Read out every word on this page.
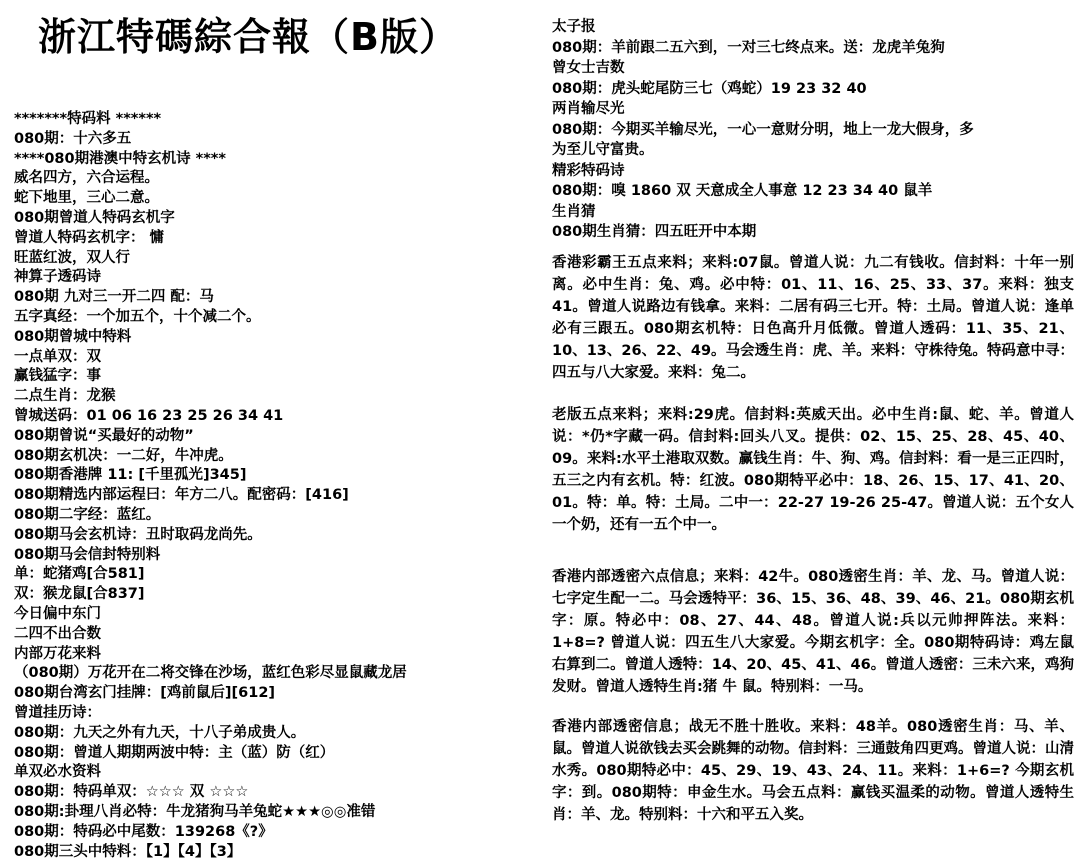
浙江特碼綜合報（B版）
*******特码料 ******
080期：十六多五
****080期港澳中特玄机诗 ****
威名四方，六合运程。
蛇下地里，三心二意。
080期曾道人特码玄机字
曾道人特码玄机字： 慵
旺蓝红波，双人行
神算子透码诗
080期 九对三一开二四 配：马
五字真经：一个加五个，十个减二个。
080期曾城中特料
一点单双：双
赢钱猛字：事
二点生肖：龙猴
曾城送码：01 06 16 23 25 26 34 41
080期曾说“买最好的动物”
080期玄机决：一二好，牛冲虎。
080期香港牌 11: [千里孤光]345]
080期精选内部运程曰：年方二八。配密码：[416]
080期二字经：蓝红。
080期马会玄机诗：丑时取码龙尚先。
080期马会信封特别料
单：蛇猪鸡[合581]
双：猴龙鼠[合837]
今日偏中东门
二四不出合数
内部万花来料
（080期）万花开在二将交锋在沙场，蓝红色彩尽显鼠藏龙居
080期台湾玄门挂牌：[鸡前鼠后][612]
曾道挂历诗：
080期：九天之外有九天，十八子弟成贵人。
080期：曾道人期期两波中特：主（蓝）防（红）
单双必水资料
080期：特码单双：☆☆☆ 双 ☆☆☆
080期:卦理八肖必特：牛龙猪狗马羊兔蛇★★★◎◎准错
080期：特码必中尾数：139268《?》
080期三头中特料：【1】【4】【3】
太子报
080期：羊前跟二五六到，一对三七终点来。送：龙虎羊兔狗
曾女士吉数
080期：虎头蛇尾防三七（鸡蛇）19 23 32 40
两肖输尽光
080期：今期买羊输尽光，一心一意财分明，地上一龙大假身，多
为至儿守富贵。
精彩特码诗
080期：嗅 1860 双 天意成全人事意 12 23 34 40 鼠羊
生肖猜
080期生肖猜：四五旺开中本期
香港彩霸王五点来料；来料:07鼠。曾道人说：九二有钱收。信封料：十年一别离。必中生肖：兔、鸡。必中特：01、11、16、25、33、37。来料：独支41。曾道人说路边有钱拿。来料：二居有码三七开。特：土局。曾道人说：逢单必有三跟五。080期玄机特：日色高升月低微。曾道人透码：11、35、21、10、13、26、22、49。马会透生肖：虎、羊。来料：守株待兔。特码意中寻：四五与八大家爱。来料：兔二。
老版五点来料；来料:29虎。信封料:英威天出。必中生肖:鼠、蛇、羊。曾道人说：*仍*字藏一码。信封料:回头八叉。提供：02、15、25、28、45、40、09。来料:水平土港取双数。赢钱生肖：牛、狗、鸡。信封料：看一是三正四时，五三之内有玄机。特：红波。080期特平必中：18、26、15、17、41、20、01。特：单。特：土局。二中一：22-27 19-26 25-47。曾道人说：五个女人一个奶，还有一五个中一。
香港内部透密六点信息；来料：42牛。080透密生肖：羊、龙、马。曾道人说：七字定生配一二。马会透特平：36、15、36、48、39、46、21。080期玄机字：原。特必中：08、27、44、48。曾道人说:兵以元帅押阵法。来料：1+8=? 曾道人说：四五生八大家爱。今期玄机字：全。080期特码诗：鸡左鼠右算到二。曾道人透特：14、20、45、41、46。曾道人透密：三未六来，鸡狗发财。曾道人透特生肖:猪 牛 鼠。特别料：一马。
香港内部透密信息；战无不胜十胜收。来料：48羊。080透密生肖：马、羊、鼠。曾道人说欲钱去买会跳舞的动物。信封料：三通鼓角四更鸡。曾道人说：山清水秀。080期特必中：45、29、19、43、24、11。来料：1+6=? 今期玄机字：到。080期特：申金生水。马会五点料：赢钱买温柔的动物。曾道人透特生肖：羊、龙。特别料：十六和平五入奖。
